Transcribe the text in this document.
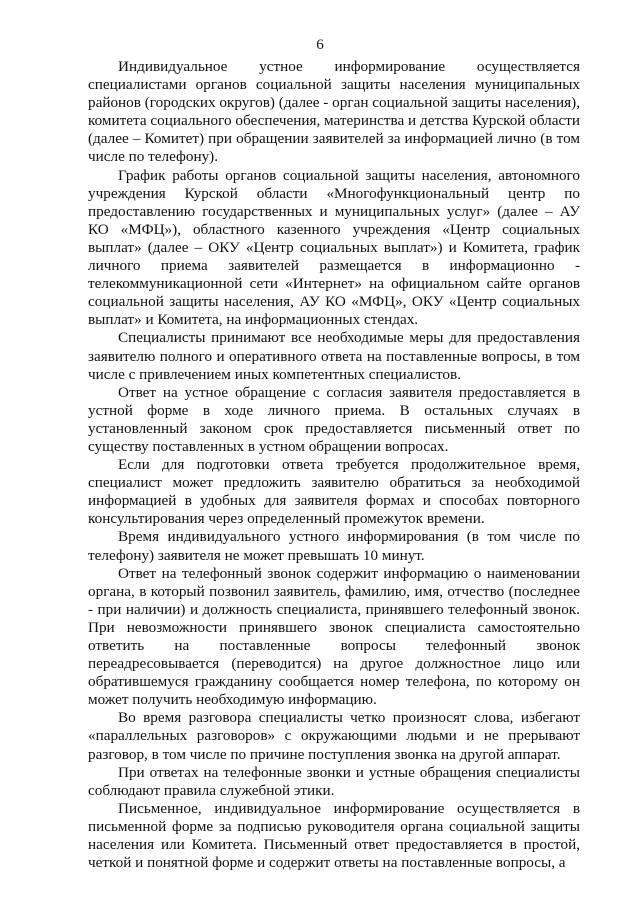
6

Индивидуальное устное информирование осуществляется специалистами органов социальной защиты населения муниципальных районов (городских округов) (далее - орган социальной защиты населения), комитета социального обеспечения, материнства и детства Курской области (далее – Комитет) при обращении заявителей за информацией лично (в том числе по телефону).

График работы органов социальной защиты населения, автономного учреждения Курской области «Многофункциональный центр по предоставлению государственных и муниципальных услуг» (далее – АУ КО «МФЦ»), областного казенного учреждения «Центр социальных выплат» (далее – ОКУ «Центр социальных выплат») и Комитета, график личного приема заявителей размещается в информационно - телекоммуникационной сети «Интернет» на официальном сайте органов социальной защиты населения, АУ КО «МФЦ», ОКУ «Центр социальных выплат» и Комитета, на информационных стендах.

Специалисты принимают все необходимые меры для предоставления заявителю полного и оперативного ответа на поставленные вопросы, в том числе с привлечением иных компетентных специалистов.

Ответ на устное обращение с согласия заявителя предоставляется в устной форме в ходе личного приема. В остальных случаях в установленный законом срок предоставляется письменный ответ по существу поставленных в устном обращении вопросах.

Если для подготовки ответа требуется продолжительное время, специалист может предложить заявителю обратиться за необходимой информацией в удобных для заявителя формах и способах повторного консультирования через определенный промежуток времени.

Время индивидуального устного информирования (в том числе по телефону) заявителя не может превышать 10 минут.

Ответ на телефонный звонок содержит информацию о наименовании органа, в который позвонил заявитель, фамилию, имя, отчество (последнее - при наличии) и должность специалиста, принявшего телефонный звонок. При невозможности принявшего звонок специалиста самостоятельно ответить на поставленные вопросы телефонный звонок переадресовывается (переводится) на другое должностное лицо или обратившемуся гражданину сообщается номер телефона, по которому он может получить необходимую информацию.

Во время разговора специалисты четко произносят слова, избегают «параллельных разговоров» с окружающими людьми и не прерывают разговор, в том числе по причине поступления звонка на другой аппарат.

При ответах на телефонные звонки и устные обращения специалисты соблюдают правила служебной этики.

Письменное, индивидуальное информирование осуществляется в письменной форме за подписью руководителя органа социальной защиты населения или Комитета. Письменный ответ предоставляется в простой, четкой и понятной форме и содержит ответы на поставленные вопросы, а
